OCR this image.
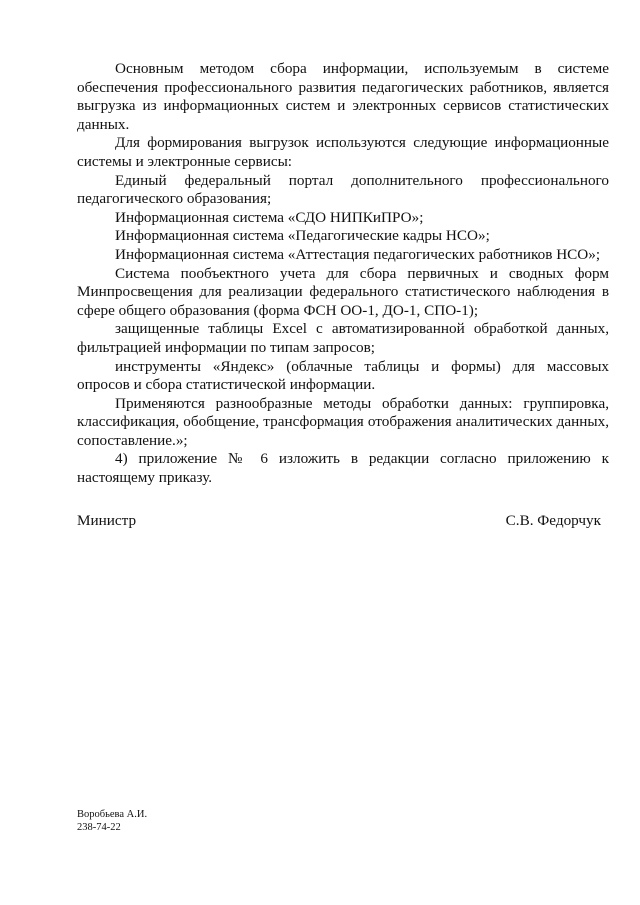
Основным методом сбора информации, используемым в системе обеспечения профессионального развития педагогических работников, является выгрузка из информационных систем и электронных сервисов статистических данных.

Для формирования выгрузок используются следующие информационные системы и электронные сервисы:

Единый федеральный портал дополнительного профессионального педагогического образования;

Информационная система «СДО НИПКиПРО»;

Информационная система «Педагогические кадры НСО»;

Информационная система «Аттестация педагогических работников НСО»;

Система пообъектного учета для сбора первичных и сводных форм Минпросвещения для реализации федерального статистического наблюдения в сфере общего образования (форма ФСН ОО-1, ДО-1, СПО-1);

защищенные таблицы Excel с автоматизированной обработкой данных, фильтрацией информации по типам запросов;

инструменты «Яндекс» (облачные таблицы и формы) для массовых опросов и сбора статистической информации.

Применяются разнообразные методы обработки данных: группировка, классификация, обобщение, трансформация отображения аналитических данных, сопоставление.»;

4) приложение № 6 изложить в редакции согласно приложению к настоящему приказу.

Министр	С.В. Федорчук
Воробьева А.И.
238-74-22
